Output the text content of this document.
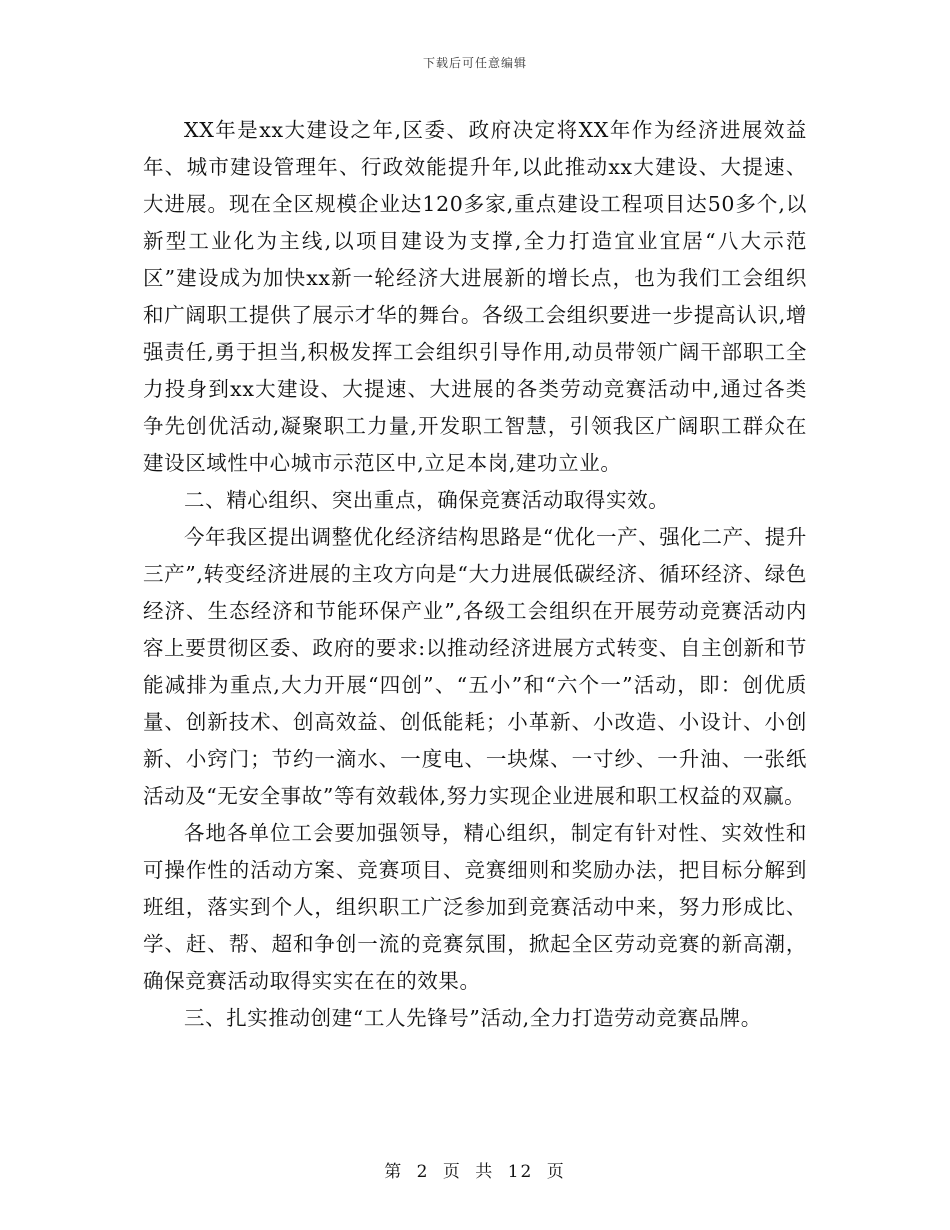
下载后可任意编辑

XX年是xx大建设之年,区委、政府决定将XX年作为经济进展效益年、城市建设管理年、行政效能提升年,以此推动xx大建设、大提速、大进展。现在全区规模企业达120多家,重点建设工程项目达50多个,以新型工业化为主线,以项目建设为支撑,全力打造宜业宜居“八大示范区”建设成为加快xx新一轮经济大进展新的增长点，也为我们工会组织和广阔职工提供了展示才华的舞台。各级工会组织要进一步提高认识,增强责任,勇于担当,积极发挥工会组织引导作用,动员带领广阔干部职工全力投身到xx大建设、大提速、大进展的各类劳动竞赛活动中,通过各类争先创优活动,凝聚职工力量,开发职工智慧，引领我区广阔职工群众在建设区域性中心城市示范区中,立足本岗,建功立业。

二、精心组织、突出重点，确保竞赛活动取得实效。

今年我区提出调整优化经济结构思路是“优化一产、强化二产、提升三产”,转变经济进展的主攻方向是“大力进展低碳经济、循环经济、绿色经济、生态经济和节能环保产业”,各级工会组织在开展劳动竞赛活动内容上要贯彻区委、政府的要求:以推动经济进展方式转变、自主创新和节能减排为重点,大力开展“四创”、“五小”和“六个一”活动，即：创优质量、创新技术、创高效益、创低能耗；小革新、小改造、小设计、小创新、小窍门；节约一滴水、一度电、一块煤、一寸纱、一升油、一张纸活动及“无安全事故”等有效载体,努力实现企业进展和职工权益的双赢。

各地各单位工会要加强领导，精心组织，制定有针对性、实效性和可操作性的活动方案、竞赛项目、竞赛细则和奖励办法，把目标分解到班组，落实到个人，组织职工广泛参加到竞赛活动中来，努力形成比、学、赶、帮、超和争创一流的竞赛氛围，掀起全区劳动竞赛的新高潮，确保竞赛活动取得实实在在的效果。

三、扎实推动创建“工人先锋号”活动,全力打造劳动竞赛品牌。

第 2 页 共 12 页
